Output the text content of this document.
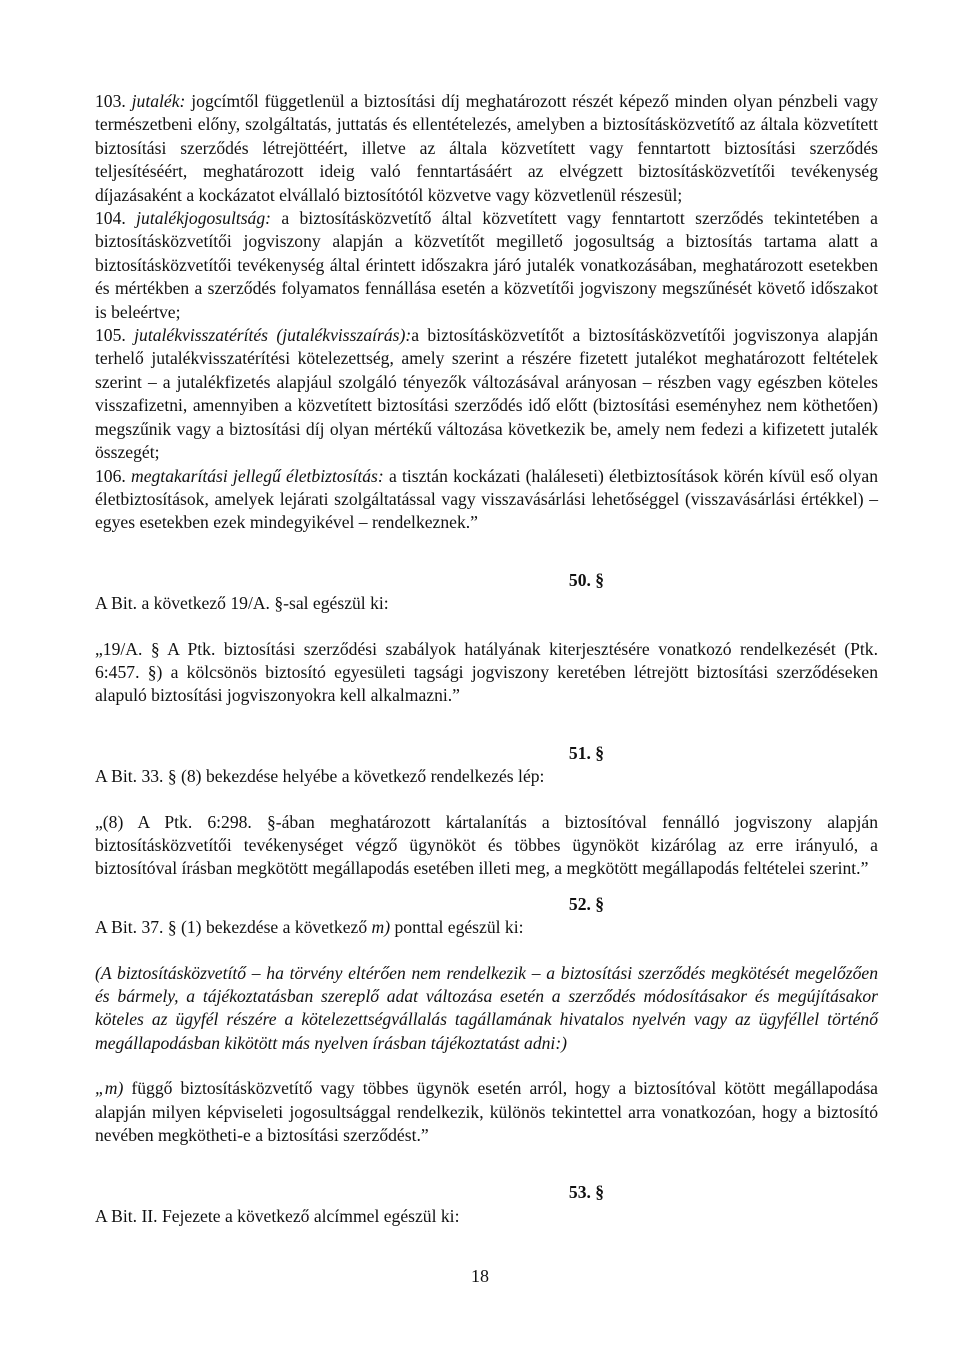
103. jutalék: jogcímtől függetlenül a biztosítási díj meghatározott részét képező minden olyan pénzbeli vagy természetbeni előny, szolgáltatás, juttatás és ellentételezés, amelyben a biztosításközvetítő az általa közvetített biztosítási szerződés létrejöttéért, illetve az általa közvetített vagy fenntartott biztosítási szerződés teljesítéséért, meghatározott ideig való fenntartásáért az elvégzett biztosításközvetítői tevékenység díjazásaként a kockázatot elvállaló biztosítótól közvetve vagy közvetlenül részesül;

104. jutalékjogosultság: a biztosításközvetítő által közvetített vagy fenntartott szerződés tekintetében a biztosításközvetítői jogviszony alapján a közvetítőt megillető jogosultság a biztosítás tartama alatt a biztosításközvetítői tevékenység által érintett időszakra járó jutalék vonatkozásában, meghatározott esetekben és mértékben a szerződés folyamatos fennállása esetén a közvetítői jogviszony megszűnését követő időszakot is beleértve;

105. jutalékvisszatérítés (jutalékvisszaírás):a biztosításközvetítőt a biztosításközvetítői jogviszonya alapján terhelő jutalékvisszatérítési kötelezettség, amely szerint a részére fizetett jutalékot meghatározott feltételek szerint – a jutalékfizetés alapjául szolgáló tényezők változásával arányosan – részben vagy egészben köteles visszafizetni, amennyiben a közvetített biztosítási szerződés idő előtt (biztosítási eseményhez nem köthetően) megszűnik vagy a biztosítási díj olyan mértékű változása következik be, amely nem fedezi a kifizetett jutalék összegét;

106. megtakarítási jellegű életbiztosítás: a tisztán kockázati (haláleseti) életbiztosítások körén kívül eső olyan életbiztosítások, amelyek lejárati szolgáltatással vagy visszavásárlási lehetőséggel (visszavásárlási értékkel) – egyes esetekben ezek mindegyikével – rendelkeznek.”

50. §

A Bit. a következő 19/A. §-sal egészül ki:

„19/A. § A Ptk. biztosítási szerződési szabályok hatályának kiterjesztésére vonatkozó rendelkezését (Ptk. 6:457. §) a kölcsönös biztosító egyesületi tagsági jogviszony keretében létrejött biztosítási szerződéseken alapuló biztosítási jogviszonyokra kell alkalmazni.”

51. §

A Bit. 33. § (8) bekezdése helyébe a következő rendelkezés lép:

„(8) A Ptk. 6:298. §-ában meghatározott kártalanítás a biztosítóval fennálló jogviszony alapján biztosításközvetítői tevékenységet végző ügynököt és többes ügynököt kizárólag az erre irányuló, a biztosítóval írásban megkötött megállapodás esetében illeti meg, a megkötött megállapodás feltételei szerint.”

52. §

A Bit. 37. § (1) bekezdése a következő m) ponttal egészül ki:

(A biztosításközvetítő – ha törvény eltérően nem rendelkezik – a biztosítási szerződés megkötését megelőzően és bármely, a tájékoztatásban szereplő adat változása esetén a szerződés módosításakor és megújításakor köteles az ügyfél részére a kötelezettségvállalás tagállamának hivatalos nyelvén vagy az ügyféllel történő megállapodásban kikötött más nyelven írásban tájékoztatást adni:)

„m) függő biztosításközvetítő vagy többes ügynök esetén arról, hogy a biztosítóval kötött megállapodása alapján milyen képviseleti jogosultsággal rendelkezik, különös tekintettel arra vonatkozóan, hogy a biztosító nevében megkötheti-e a biztosítási szerződést.”

53. §

A Bit. II. Fejezete a következő alcímmel egészül ki:

18
